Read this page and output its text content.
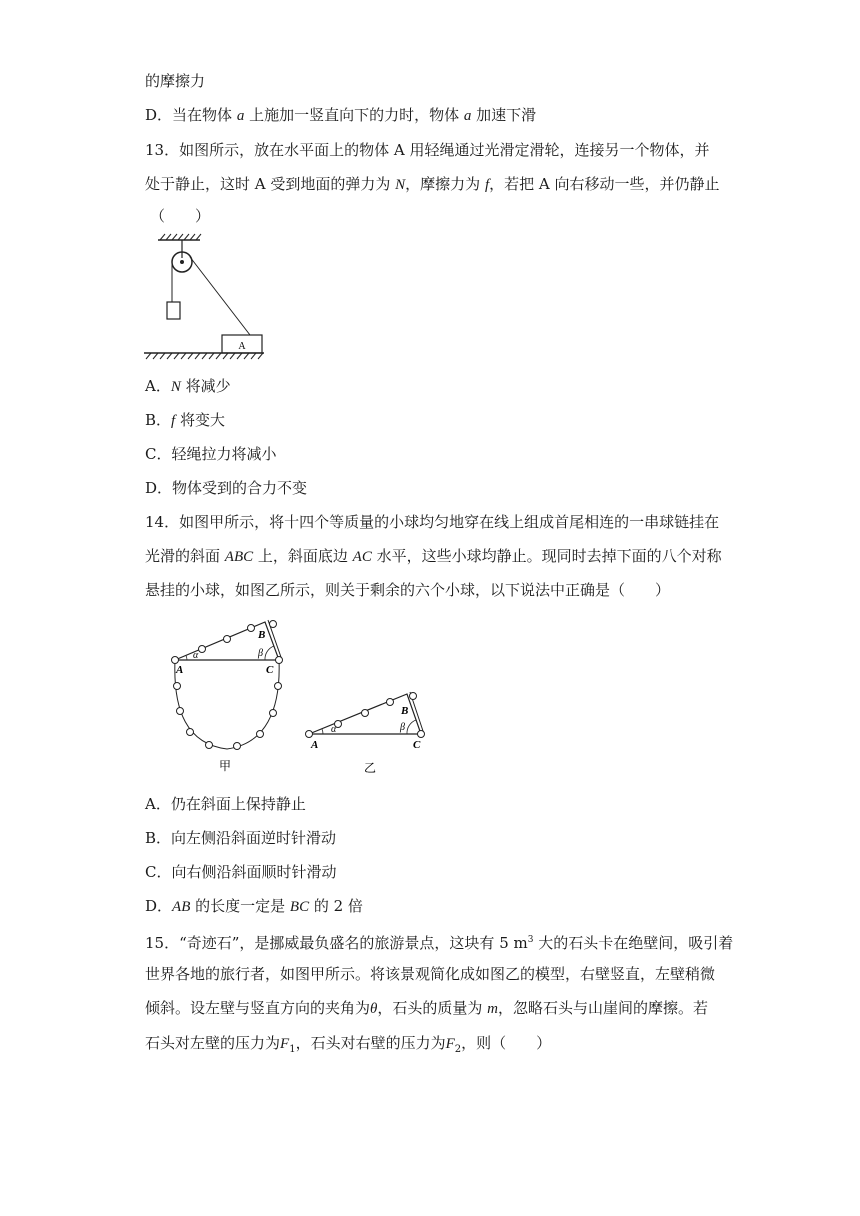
的摩擦力

D．当在物体 a 上施加一竖直向下的力时，物体 a 加速下滑

13．如图所示，放在水平面上的物体 A 用轻绳通过光滑定滑轮，连接另一个物体，并

处于静止，这时 A 受到地面的弹力为 N，摩擦力为 f，若把 A 向右移动一些，并仍静止

（　　）

A

A．N 将减少

B．f 将变大

C．轻绳拉力将减小

D．物体受到的合力不变

14．如图甲所示，将十四个等质量的小球均匀地穿在线上组成首尾相连的一串球链挂在

光滑的斜面 ABC 上，斜面底边 AC 水平，这些小球均静止。现同时去掉下面的八个对称

悬挂的小球，如图乙所示，则关于剩余的六个小球，以下说法中正确是（　　）

α	β
A
B
C
甲
α	β
A
B
C
乙

A．仍在斜面上保持静止

B．向左侧沿斜面逆时针滑动

C．向右侧沿斜面顺时针滑动

D．AB 的长度一定是 BC 的 2 倍

15．“奇迹石”，是挪威最负盛名的旅游景点，这块有 5 $m^3$ 大的石头卡在绝壁间，吸引着

世界各地的旅行者，如图甲所示。将该景观简化成如图乙的模型，右壁竖直，左壁稍微

倾斜。设左壁与竖直方向的夹角为θ，石头的质量为 m，忽略石头与山崖间的摩擦。若

石头对左壁的压力为$F_1$，石头对右壁的压力为$F_2$，则（　　）
